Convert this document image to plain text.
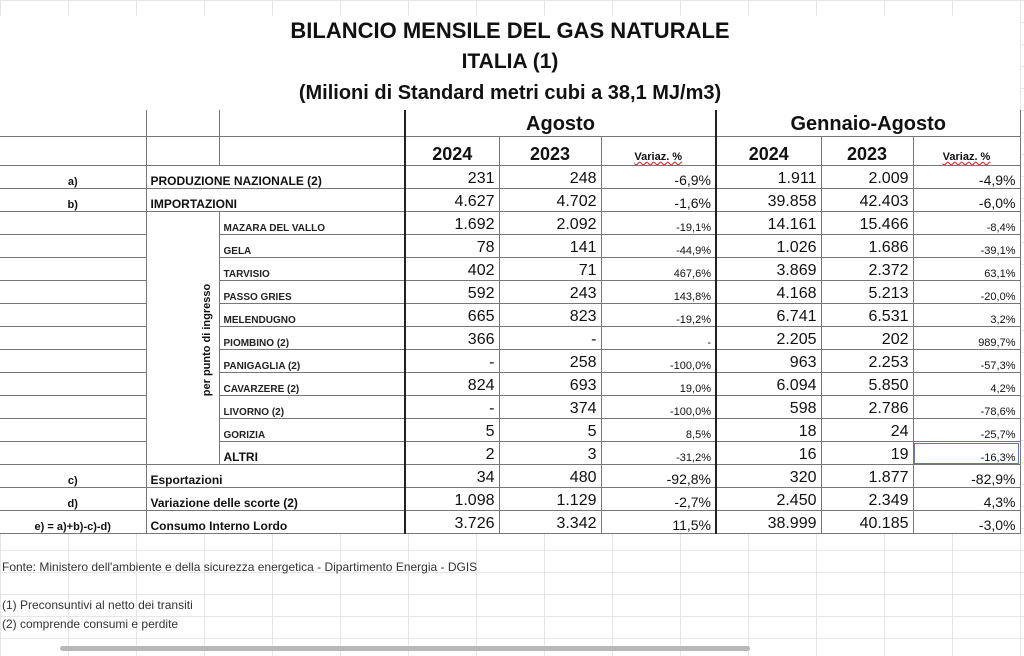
BILANCIO MENSILE DEL GAS NATURALE
ITALIA (1)
(Milioni di Standard metri cubi a 38,1 MJ/m3)
			Agosto			Gennaio-Agosto		
			2024	2023	Variaz. %	2024	2023	Variaz. %
a)	PRODUZIONE NAZIONALE (2)		231	248	-6,9%	1.911	2.009	-4,9%
b)	IMPORTAZIONI		4.627	4.702	-1,6%	39.858	42.403	-6,0%
	per punto di ingresso	MAZARA DEL VALLO	1.692	2.092	-19,1%	14.161	15.466	-8,4%
		GELA	78	141	-44,9%	1.026	1.686	-39,1%
		TARVISIO	402	71	467,6%	3.869	2.372	63,1%
		PASSO GRIES	592	243	143,8%	4.168	5.213	-20,0%
		MELENDUGNO	665	823	-19,2%	6.741	6.531	3,2%
		PIOMBINO (2)	366	-	-	2.205	202	989,7%
		PANIGAGLIA (2)	-	258	-100,0%	963	2.253	-57,3%
		CAVARZERE (2)	824	693	19,0%	6.094	5.850	4,2%
		LIVORNO (2)	-	374	-100,0%	598	2.786	-78,6%
		GORIZIA	5	5	8,5%	18	24	-25,7%
		ALTRI	2	3	-31,2%	16	19	-16,3%
c)	Esportazioni		34	480	-92,8%	320	1.877	-82,9%
d)	Variazione delle scorte (2)		1.098	1.129	-2,7%	2.450	2.349	4,3%
e) = a)+b)-c)-d)	Consumo Interno Lordo		3.726	3.342	11,5%	38.999	40.185	-3,0%
Fonte: Ministero dell'ambiente e della sicurezza energetica - Dipartimento Energia - DGIS
(1) Preconsuntivi al netto dei transiti
(2) comprende consumi e perdite
